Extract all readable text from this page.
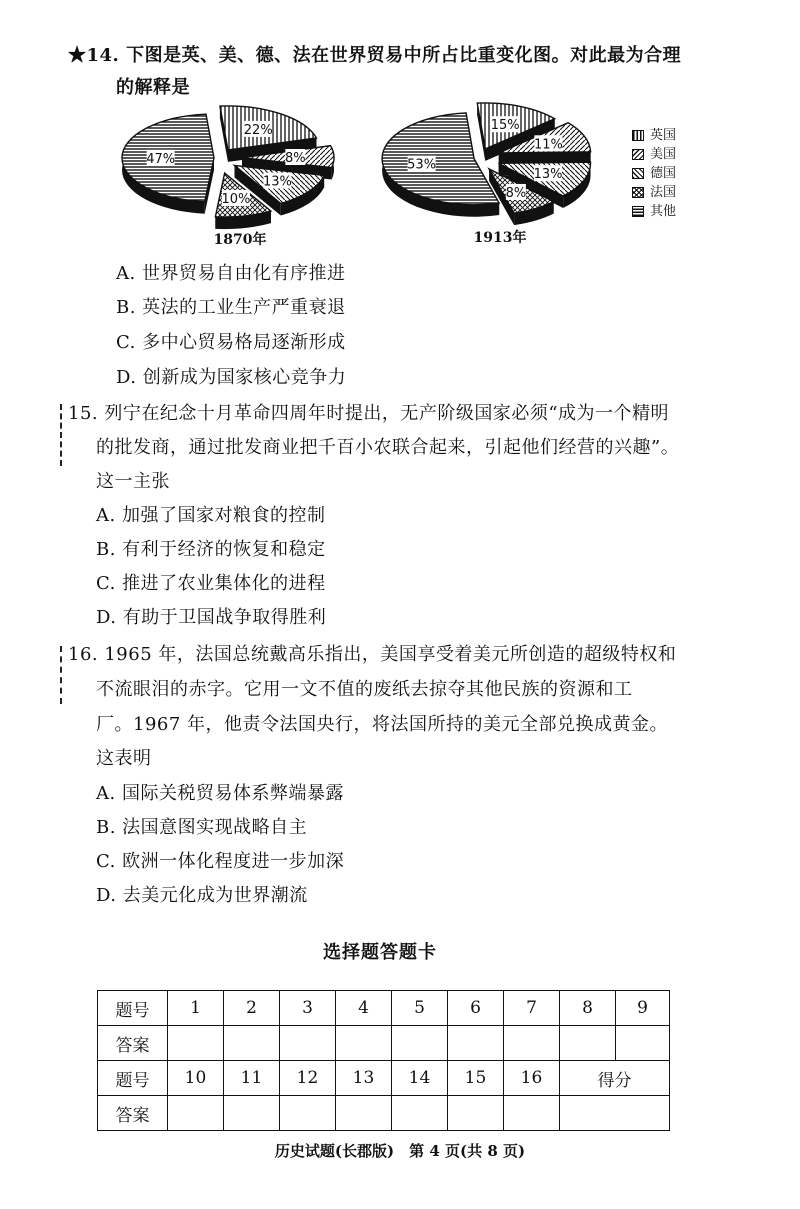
★14. 下图是英、美、德、法在世界贸易中所占比重变化图。对此最为合理
的解释是
22%
8%
13%
10%
47%
15%
11%
13%
8%
53%
1870年	1913年
英国
美国
德国
法国
其他
A. 世界贸易自由化有序推进
B. 英法的工业生产严重衰退
C. 多中心贸易格局逐渐形成
D. 创新成为国家核心竞争力
15. 列宁在纪念十月革命四周年时提出，无产阶级国家必须“成为一个精明
的批发商，通过批发商业把千百小农联合起来，引起他们经营的兴趣”。
这一主张
A. 加强了国家对粮食的控制
B. 有利于经济的恢复和稳定
C. 推进了农业集体化的进程
D. 有助于卫国战争取得胜利
16. 1965 年，法国总统戴高乐指出，美国享受着美元所创造的超级特权和
不流眼泪的赤字。它用一文不值的废纸去掠夺其他民族的资源和工
厂。1967 年，他责令法国央行，将法国所持的美元全部兑换成黄金。
这表明
A. 国际关税贸易体系弊端暴露
B. 法国意图实现战略自主
C. 欧洲一体化程度进一步加深
D. 去美元化成为世界潮流
选择题答题卡
题号	1	2	3	4	5	6	7	8	9
答案									
题号	10	11	12	13	14	15	16	得分	
答案									
历史试题(长郡版)　第 4 页(共 8 页)
